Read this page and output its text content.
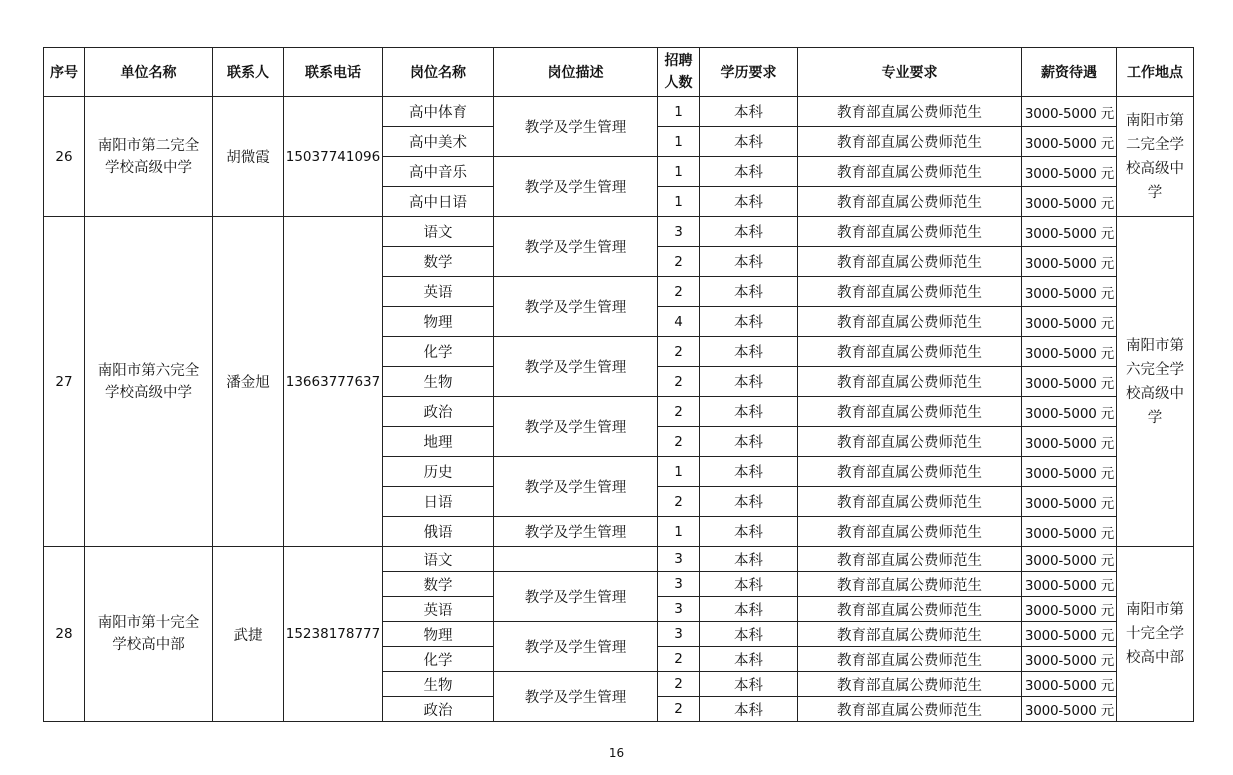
序号	单位名称	联系人	联系电话	岗位名称	岗位描述	招聘人数	学历要求	专业要求	薪资待遇	工作地点
26	南阳市第二完全学校高级中学	胡微霞	15037741096	高中体育	教学及学生管理	1	本科	教育部直属公费师范生	3000-5000 元	南阳市第二完全学校高级中学
				高中美术		1	本科	教育部直属公费师范生	3000-5000 元	
				高中音乐	教学及学生管理	1	本科	教育部直属公费师范生	3000-5000 元	
				高中日语		1	本科	教育部直属公费师范生	3000-5000 元	
27	南阳市第六完全学校高级中学	潘金旭	13663777637	语文	教学及学生管理	3	本科	教育部直属公费师范生	3000-5000 元	南阳市第六完全学校高级中学
				数学		2	本科	教育部直属公费师范生	3000-5000 元	
				英语	教学及学生管理	2	本科	教育部直属公费师范生	3000-5000 元	
				物理		4	本科	教育部直属公费师范生	3000-5000 元	
				化学	教学及学生管理	2	本科	教育部直属公费师范生	3000-5000 元	
				生物		2	本科	教育部直属公费师范生	3000-5000 元	
				政治	教学及学生管理	2	本科	教育部直属公费师范生	3000-5000 元	
				地理		2	本科	教育部直属公费师范生	3000-5000 元	
				历史	教学及学生管理	1	本科	教育部直属公费师范生	3000-5000 元	
				日语		2	本科	教育部直属公费师范生	3000-5000 元	
				俄语	教学及学生管理	1	本科	教育部直属公费师范生	3000-5000 元	
28	南阳市第十完全学校高中部	武捷	15238178777	语文		3	本科	教育部直属公费师范生	3000-5000 元	南阳市第十完全学校高中部
				数学	教学及学生管理	3	本科	教育部直属公费师范生	3000-5000 元	
				英语		3	本科	教育部直属公费师范生	3000-5000 元	
				物理	教学及学生管理	3	本科	教育部直属公费师范生	3000-5000 元	
				化学		2	本科	教育部直属公费师范生	3000-5000 元	
				生物	教学及学生管理	2	本科	教育部直属公费师范生	3000-5000 元	
				政治		2	本科	教育部直属公费师范生	3000-5000 元	
16
